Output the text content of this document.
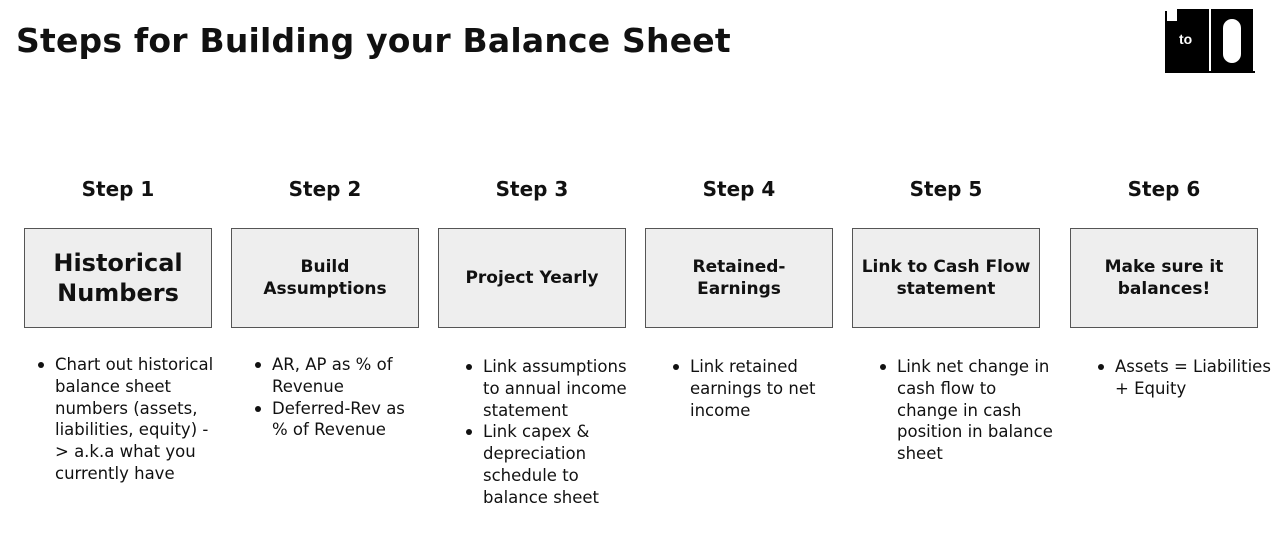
Steps for Building your Balance Sheet	to
Step 1
Historical Numbers
Chart out historical balance sheet numbers (assets, liabilities, equity) -> a.k.a what you currently have
Step 2
Build Assumptions
AR, AP as % of Revenue
Deferred-Rev as % of Revenue
Step 3
Project Yearly
Link assumptions to annual income statement
Link capex & depreciation schedule to balance sheet
Step 4
Retained-Earnings
Link retained earnings to net income
Step 5
Link to Cash Flow statement
Link net change in cash flow to change in cash position in balance sheet
Step 6
Make sure it balances!
Assets = Liabilities + Equity
